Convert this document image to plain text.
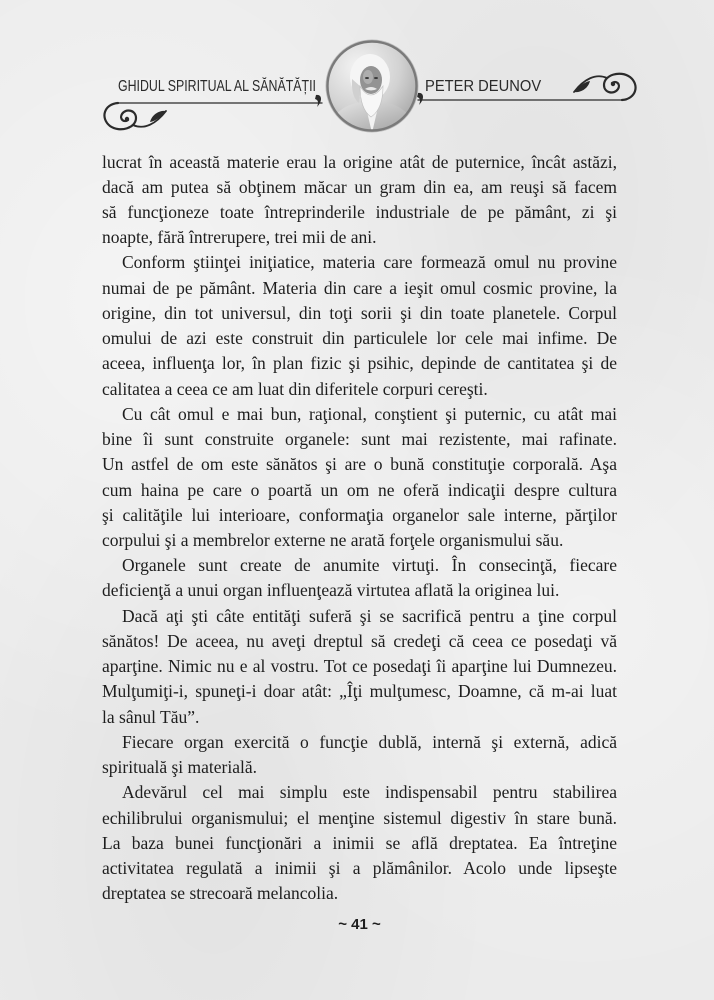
GHIDUL SPIRITUAL AL SĂNĂTĂȚII	PETER DEUNOV
lucrat în această materie erau la origine atât de puternice, încât astăzi,
dacă am putea să obţinem măcar un gram din ea, am reuşi să facem
să funcţioneze toate întreprinderile industriale de pe pământ, zi şi
noapte, fără întrerupere, trei mii de ani.
Conform ştiinţei iniţiatice, materia care formează omul nu provine
numai de pe pământ. Materia din care a ieşit omul cosmic provine, la
origine, din tot universul, din toţi sorii şi din toate planetele. Corpul
omului de azi este construit din particulele lor cele mai infime. De
aceea, influenţa lor, în plan fizic şi psihic, depinde de cantitatea şi de
calitatea a ceea ce am luat din diferitele corpuri cereşti.
Cu cât omul e mai bun, raţional, conştient şi puternic, cu atât mai
bine îi sunt construite organele: sunt mai rezistente, mai rafinate.
Un astfel de om este sănătos şi are o bună constituţie corporală. Aşa
cum haina pe care o poartă un om ne oferă indicaţii despre cultura
şi calităţile lui interioare, conformaţia organelor sale interne, părţilor
corpului şi a membrelor externe ne arată forţele organismului său.
Organele sunt create de anumite virtuţi. În consecinţă, fiecare
deficienţă a unui organ influenţează virtutea aflată la originea lui.
Dacă aţi şti câte entităţi suferă şi se sacrifică pentru a ţine corpul
sănătos! De aceea, nu aveţi dreptul să credeţi că ceea ce posedaţi vă
aparţine. Nimic nu e al vostru. Tot ce posedaţi îi aparţine lui Dumnezeu.
Mulţumiţi-i, spuneţi-i doar atât: „Îţi mulţumesc, Doamne, că m-ai luat
la sânul Tău”.
Fiecare organ exercită o funcţie dublă, internă şi externă, adică
spirituală şi materială.
Adevărul cel mai simplu este indispensabil pentru stabilirea
echilibrului organismului; el menţine sistemul digestiv în stare bună.
La baza bunei funcţionări a inimii se află dreptatea. Ea întreţine
activitatea regulată a inimii şi a plămânilor. Acolo unde lipseşte
dreptatea se strecoară melancolia.
~ 41 ~
